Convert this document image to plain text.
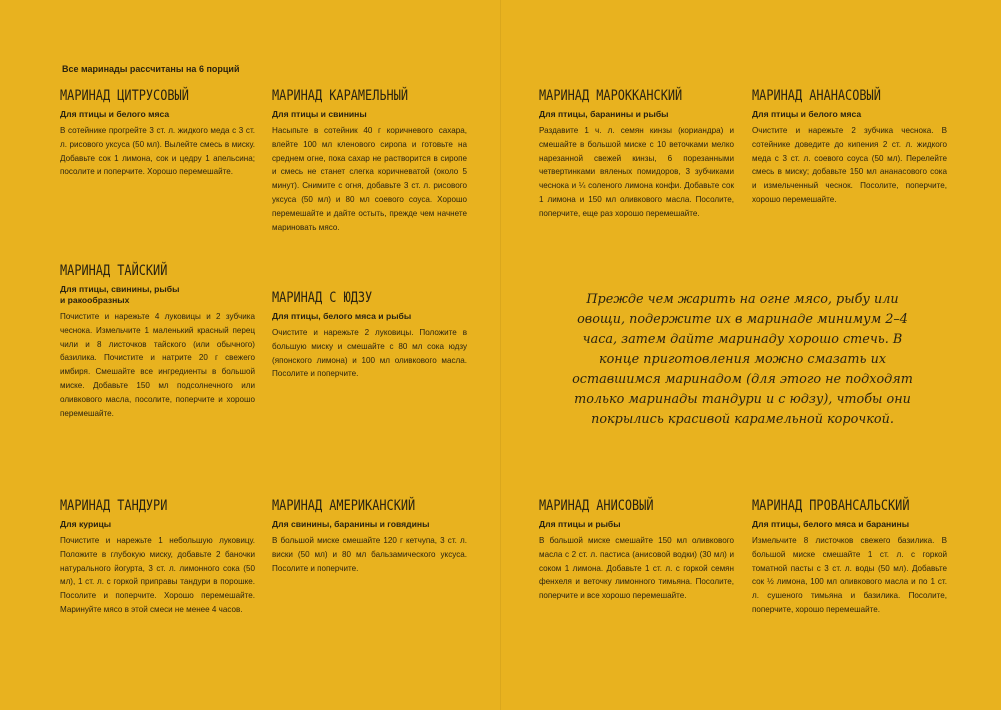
Все маринады рассчитаны на 6 порций
МАРИНАД ЦИТРУСОВЫЙ
Для птицы и белого мяса
В сотейнике прогрейте 3 ст. л. жидкого меда с 3 ст. л. рисового уксуса (50 мл). Вылейте смесь в миску. Добавьте сок 1 лимона, сок и цедру 1 апельсина; посолите и поперчите. Хорошо перемешайте.
МАРИНАД КАРАМЕЛЬНЫЙ
Для птицы и свинины
Насыпьте в сотейник 40 г коричневого сахара, влейте 100 мл кленового сиропа и готовьте на среднем огне, пока сахар не растворится в сиропе и смесь не станет слегка коричневатой (около 5 минут). Снимите с огня, добавьте 3 ст. л. рисового уксуса (50 мл) и 80 мл соевого соуса. Хорошо перемешайте и дайте остыть, прежде чем начнете мариновать мясо.
МАРИНАД МАРОККАНСКИЙ
Для птицы, баранины и рыбы
Раздавите 1 ч. л. семян кинзы (кориандра) и смешайте в большой миске с 10 веточками мелко нарезанной свежей кинзы, 6 порезанными четвертинками вяленых помидоров, 3 зубчиками чеснока и ¼ соленого лимона конфи. Добавьте сок 1 лимона и 150 мл оливкового масла. Посолите, поперчите, еще раз хорошо перемешайте.
МАРИНАД АНАНАСОВЫЙ
Для птицы и белого мяса
Очистите и нарежьте 2 зубчика чеснока. В сотейнике доведите до кипения 2 ст. л. жидкого меда с 3 ст. л. соевого соуса (50 мл). Перелейте смесь в миску; добавьте 150 мл ананасового сока и измельченный чеснок. Посолите, поперчите, хорошо перемешайте.
МАРИНАД ТАЙСКИЙ
Для птицы, свинины, рыбы и ракообразных
Почистите и нарежьте 4 луковицы и 2 зубчика чеснока. Измельчите 1 маленький красный перец чили и 8 листочков тайского (или обычного) базилика. Почистите и натрите 20 г свежего имбиря. Смешайте все ингредиенты в большой миске. Добавьте 150 мл подсолнечного или оливкового масла, посолите, поперчите и хорошо перемешайте.
МАРИНАД С ЮДЗУ
Для птицы, белого мяса и рыбы
Очистите и нарежьте 2 луковицы. Положите в большую миску и смешайте с 80 мл сока юдзу (японского лимона) и 100 мл оливкового масла. Посолите и поперчите.
Прежде чем жарить на огне мясо, рыбу или овощи, подержите их в маринаде минимум 2–4 часа, затем дайте маринаду хорошо стечь. В конце приготовления можно смазать их оставшимся маринадом (для этого не подходят только маринады тандури и с юдзу), чтобы они покрылись красивой карамельной корочкой.
МАРИНАД ТАНДУРИ
Для курицы
Почистите и нарежьте 1 небольшую луковицу. Положите в глубокую миску, добавьте 2 баночки натурального йогурта, 3 ст. л. лимонного сока (50 мл), 1 ст. л. с горкой приправы тандури в порошке. Посолите и поперчите. Хорошо перемешайте. Маринуйте мясо в этой смеси не менее 4 часов.
МАРИНАД АМЕРИКАНСКИЙ
Для свинины, баранины и говядины
В большой миске смешайте 120 г кетчупа, 3 ст. л. виски (50 мл) и 80 мл бальзамического уксуса. Посолите и поперчите.
МАРИНАД АНИСОВЫЙ
Для птицы и рыбы
В большой миске смешайте 150 мл оливкового масла с 2 ст. л. пастиса (анисовой водки) (30 мл) и соком 1 лимона. Добавьте 1 ст. л. с горкой семян фенхеля и веточку лимонного тимьяна. Посолите, поперчите и все хорошо перемешайте.
МАРИНАД ПРОВАНСАЛЬСКИЙ
Для птицы, белого мяса и баранины
Измельчите 8 листочков свежего базилика. В большой миске смешайте 1 ст. л. с горкой томатной пасты с 3 ст. л. воды (50 мл). Добавьте сок ½ лимона, 100 мл оливкового масла и по 1 ст. л. сушеного тимьяна и базилика. Посолите, поперчите, хорошо перемешайте.
